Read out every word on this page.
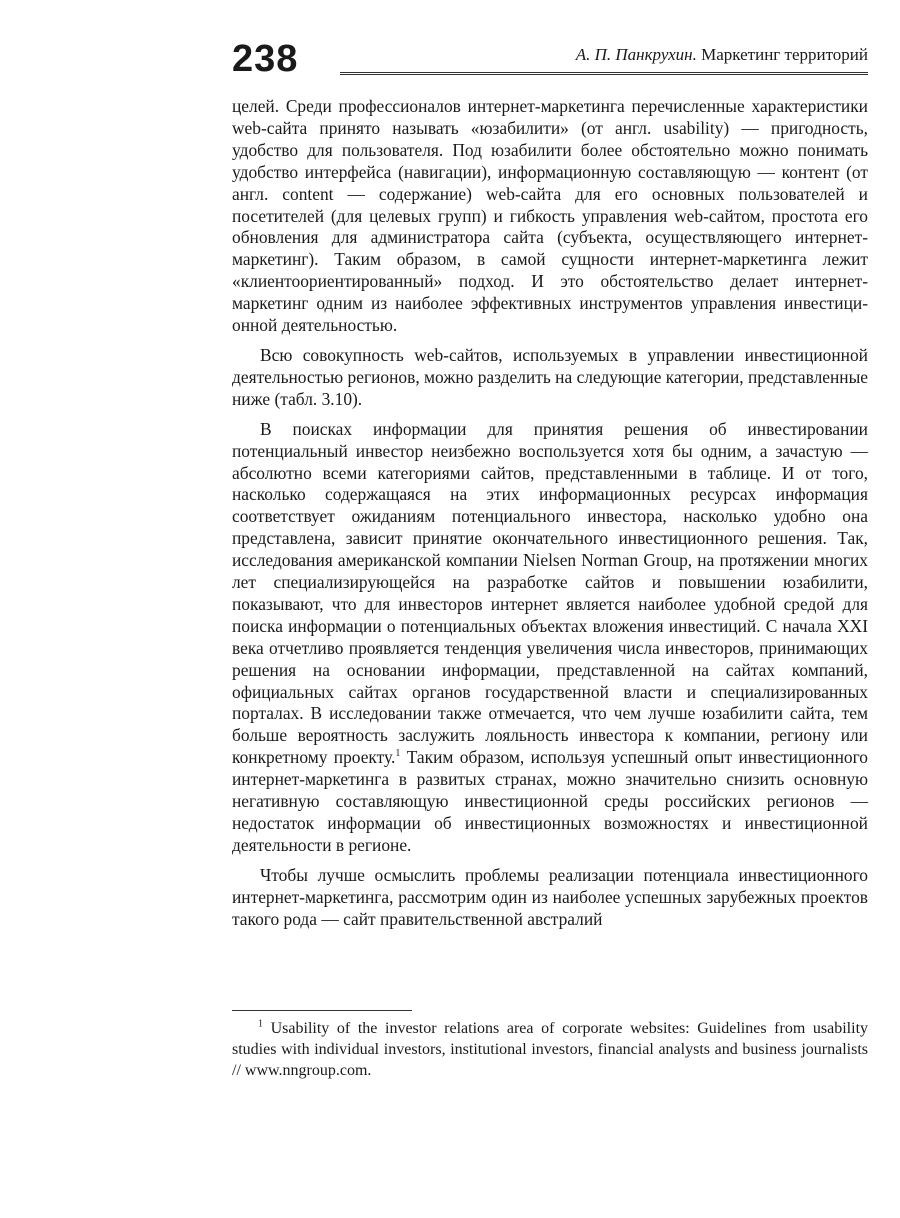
238	А. П. Панкрухин. Маркетинг территорий

целей. Среди профессионалов интернет-маркетинга перечисленные характеристики web-сайта принято называть «юзабилити» (от англ. usability) — пригодность, удобство для пользователя. Под юзабилити более обстоятельно можно понимать удобство интерфейса (навигации), информационную составляющую — контент (от англ. content — содержание) web-сайта для его основных пользователей и посетителей (для целевых групп) и гибкость управления web-сайтом, простота его обновления для администратора сайта (субъекта, осуществляющего интернет-маркетинг). Таким образом, в самой сущности интернет-маркетинга лежит «клиентоориентированный» подход. И это обстоятельство делает интернет-маркетинг одним из наиболее эффективных инструментов управления инвестиционной деятельностью.

Всю совокупность web-сайтов, используемых в управлении инвестиционной деятельностью регионов, можно разделить на следующие категории, представленные ниже (табл. 3.10).

В поисках информации для принятия решения об инвестировании потенциальный инвестор неизбежно воспользуется хотя бы одним, а зачастую — абсолютно всеми категориями сайтов, представленными в таблице. И от того, насколько содержащаяся на этих информационных ресурсах информация соответствует ожиданиям потенциального инвестора, насколько удобно она представлена, зависит принятие окончательного инвестиционного решения. Так, исследования американской компании Nielsen Norman Group, на протяжении многих лет специализирующейся на разработке сайтов и повышении юзабилити, показывают, что для инвесторов интернет является наиболее удобной средой для поиска информации о потенциальных объектах вложения инвестиций. С начала XXI века отчетливо проявляется тенденция увеличения числа инвесторов, принимающих решения на основании информации, представленной на сайтах компаний, официальных сайтах органов государственной власти и специализированных порталах. В исследовании также отмечается, что чем лучше юзабилити сайта, тем больше вероятность заслужить лояльность инвестора к компании, региону или конкретному проекту.$^1$ Таким образом, используя успешный опыт инвестиционного интернет-маркетинга в развитых странах, можно значительно снизить основную негативную составляющую инвестиционной среды российских регионов — недостаток информации об инвестиционных возможностях и инвестиционной деятельности в регионе.

Чтобы лучше осмыслить проблемы реализации потенциала инвестиционного интернет-маркетинга, рассмотрим один из наиболее успешных зарубежных проектов такого рода — сайт правительственной австралий

$^1$ Usability of the investor relations area of corporate websites: Guidelines from usability studies with individual investors, institutional investors, financial analysts and business journalists // www.nngroup.com.
